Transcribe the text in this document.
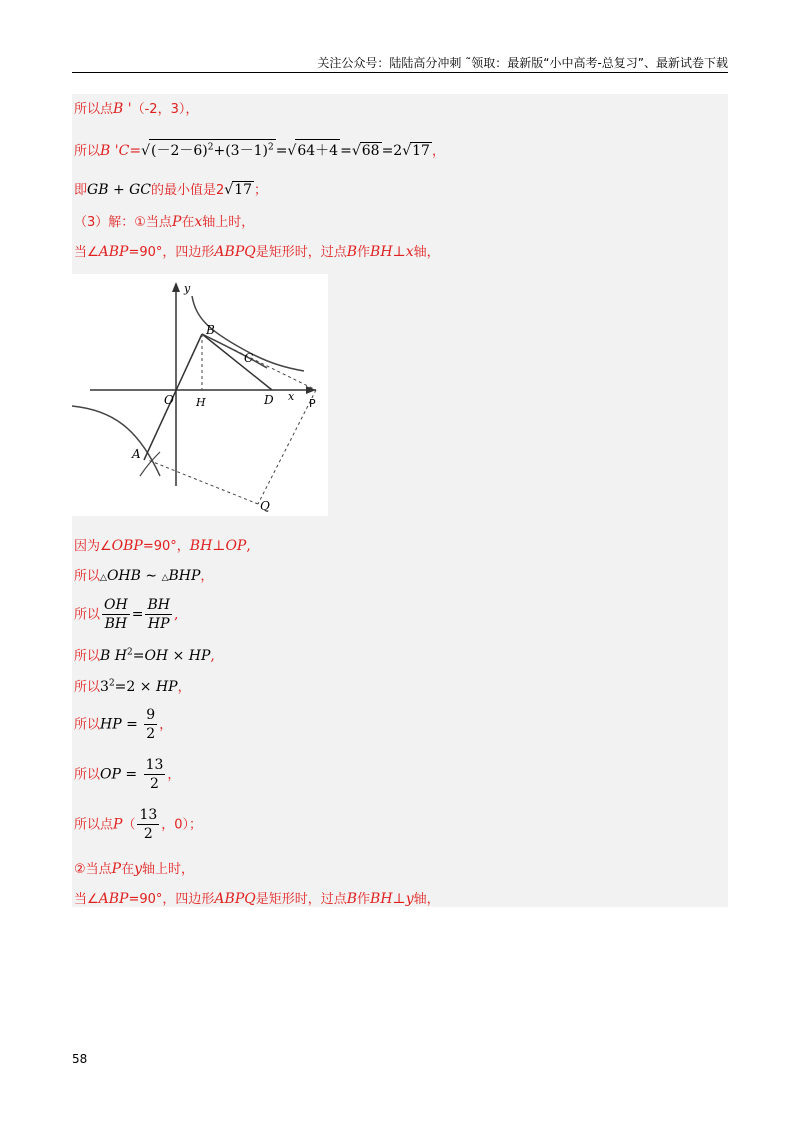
关注公众号：陆陆高分冲刺 ˜领取：最新版“小中高考-总复习”、最新试卷下载
所以点B '（-2，3），
所以B '$C=√(-2-6)^2+(3-1)^2 =√64+4 =√68 =2√17$ ，
即GB + GC的最小值是2√17 ；
（3）解：①当点P在x轴上时，
当∠ABP=90°，四边形ABPQ是矩形时，过点B作BH⊥x轴，
y
x
B
C
O H	D	P
A
Q
因为∠OBP=90°，BH⊥OP,
所以△OHB ∼ △BHP，
所以 $\frac{OH}{BH} = \frac{BH}{HP}$ ,
所以B $H^2=OH$ × HP,
所以$3^2=2$ × HP，
所以HP = $\frac{9}{2}$ ，
所以OP = $\frac{13}{2}$ ，
所以点$P( \frac{13}{2}$ ，0）；
②当点P在y轴上时，
当∠ABP=90°，四边形ABPQ是矩形时，过点B作BH⊥y轴，
58
